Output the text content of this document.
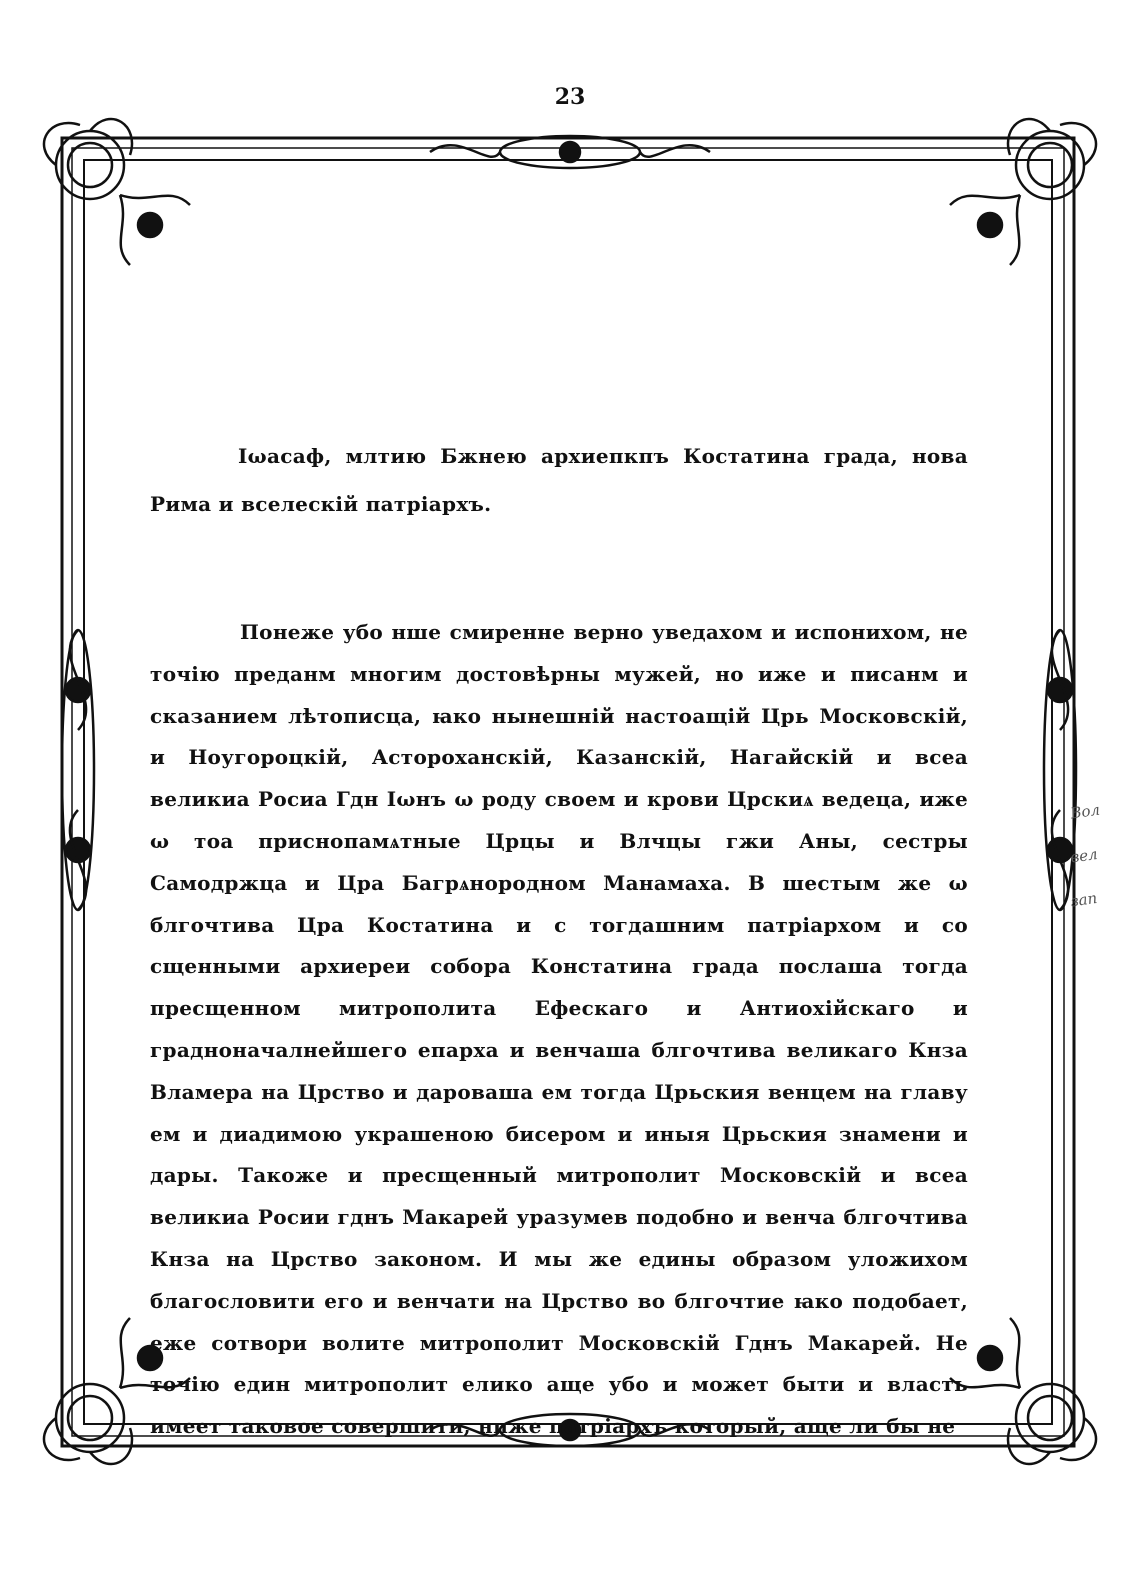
23
Іωасаф, млтию Бжнею архиепкпъ Костатина града, нова Рима и вселескій патріархъ.
Понеже убо нше смиренне верно уведахом и испонихом, не точію преданм многим достовѣрны мужей, но иже и писанм и сказанием лѣтописца, ꙗко нынешній настоащій Црь Московскій, и Ноугороцкій, Астороханскій, Казанскій, Нагайскій и всеа великиа Росиа Гдн Іωнъ ω роду своем и крови Црскиѧ ведеца, иже ω тоа приснопамѧтные Црцы и Влчцы гжи Аны, сестры Самодржца и Цра Багрѧнородном Манамаха. В шестым же ω блгочтива Цра Костатина и с тогдашним патріархом и со сщенными архиереи собора Констатина града послаша тогда пресщенном митрополита Ефескаго и Антиохійскаго и градноначалнейшего епарха и венчаша блгочтива великаго Кнза Вламера на Црство и дароваша ем тогда Црьския венцем на главу ем и диадимою украшеною бисером и иныя Црьския знамени и дары. Такоже и пресщенный митрополит Московскій и всеа великиа Росии гднъ Макарей уразумев подобно и венча блгочтива Кнза на Црство законом. И мы же едины образом уложихом благословити его и венчати на Црство во блгочтие ꙗко подобает, еже сотвори волите митрополит Московскій Гднъ Макарей. Не точію един митрополит елико аще убо и может быти и власть имеет таковое совершити, ниже патріархъ который, аще ли бы не
Вол
вел
зап
